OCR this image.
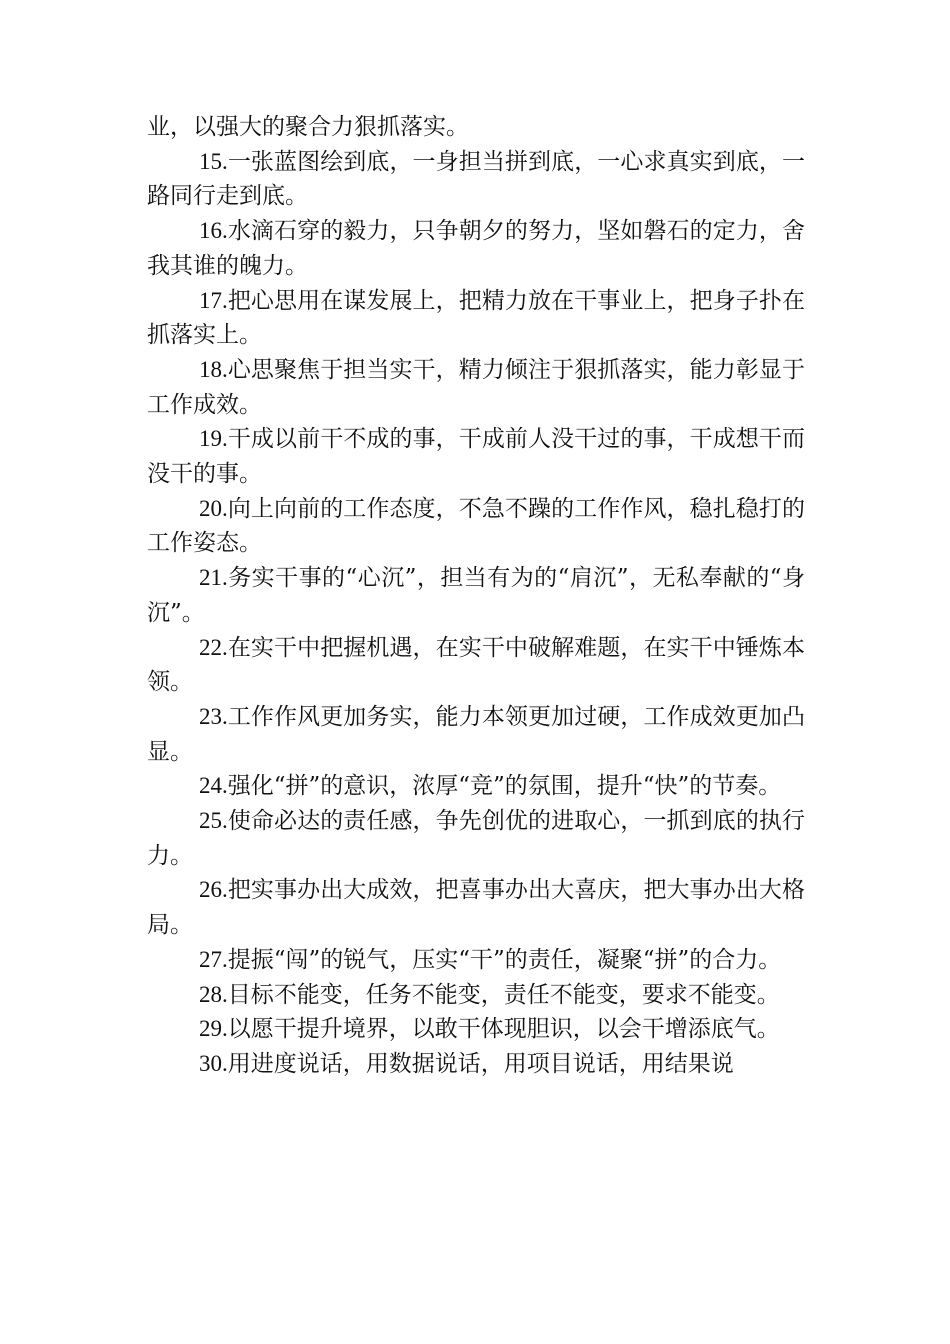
业，以强大的聚合力狠抓落实。

15.一张蓝图绘到底，一身担当拼到底，一心求真实到底，一路同行走到底。

16.水滴石穿的毅力，只争朝夕的努力，坚如磐石的定力，舍我其谁的魄力。

17.把心思用在谋发展上，把精力放在干事业上，把身子扑在抓落实上。

18.心思聚焦于担当实干，精力倾注于狠抓落实，能力彰显于工作成效。

19.干成以前干不成的事，干成前人没干过的事，干成想干而没干的事。

20.向上向前的工作态度，不急不躁的工作作风，稳扎稳打的工作姿态。

21.务实干事的“心沉”，担当有为的“肩沉”，无私奉献的“身沉”。

22.在实干中把握机遇，在实干中破解难题，在实干中锤炼本领。

23.工作作风更加务实，能力本领更加过硬，工作成效更加凸显。

24.强化“拼”的意识，浓厚“竞”的氛围，提升“快”的节奏。

25.使命必达的责任感，争先创优的进取心，一抓到底的执行力。

26.把实事办出大成效，把喜事办出大喜庆，把大事办出大格局。

27.提振“闯”的锐气，压实“干”的责任，凝聚“拼”的合力。

28.目标不能变，任务不能变，责任不能变，要求不能变。

29.以愿干提升境界，以敢干体现胆识，以会干增添底气。

30.用进度说话，用数据说话，用项目说话，用结果说
